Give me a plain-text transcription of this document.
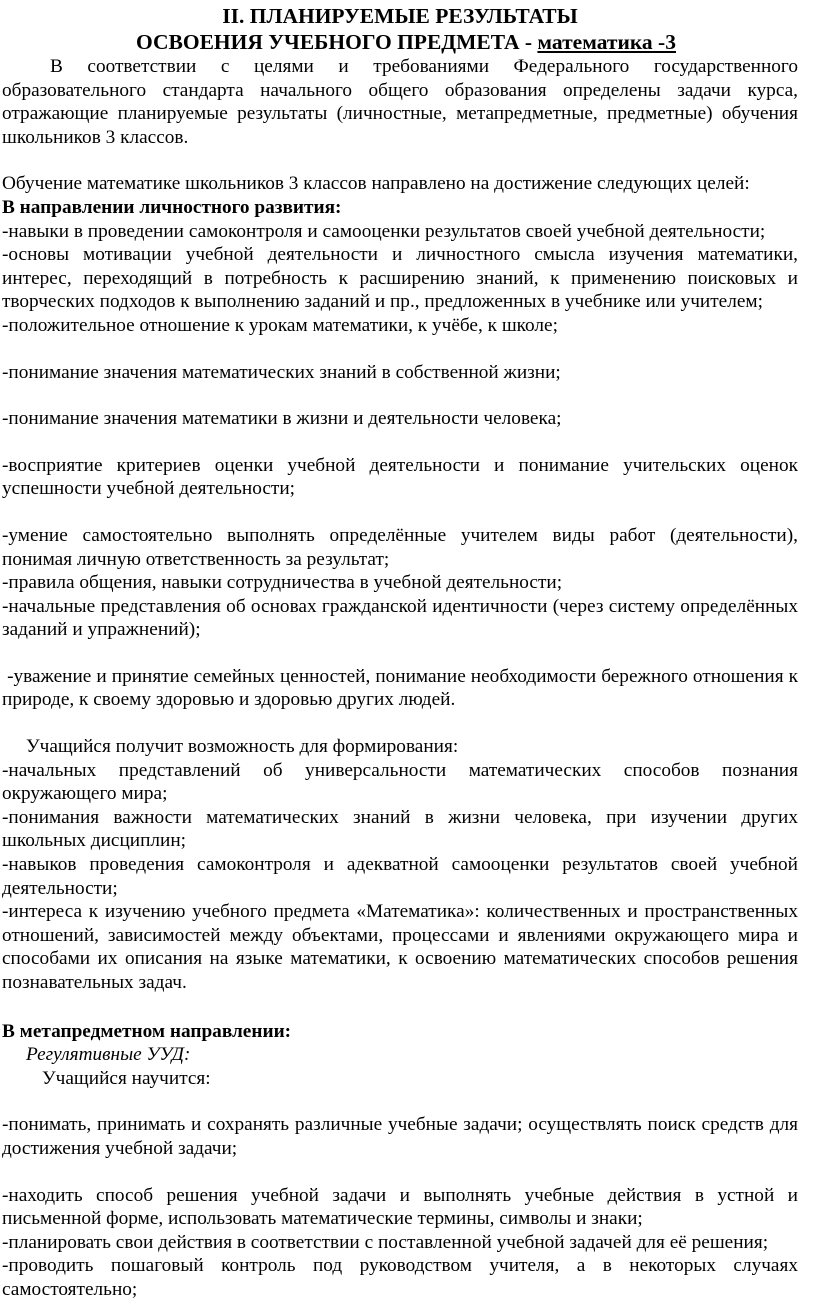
II. ПЛАНИРУЕМЫЕ РЕЗУЛЬТАТЫ
ОСВОЕНИЯ УЧЕБНОГО ПРЕДМЕТА - математика -3

В соответствии с целями и требованиями Федерального государственного образовательного стандарта начального общего образования определены задачи курса, отражающие планируемые результаты (личностные, метапредметные, предметные) обучения школьников 3 классов.

Обучение математике школьников 3 классов направлено на достижение следующих целей:

В направлении личностного развития:

-навыки в проведении самоконтроля и самооценки результатов своей учебной деятельности;

-основы мотивации учебной деятельности и личностного смысла изучения математики, интерес, переходящий в потребность к расширению знаний, к применению поисковых и творческих подходов к выполнению заданий и пр., предложенных в учебнике или учителем;

-положительное отношение к урокам математики, к учёбе, к школе;

-понимание значения математических знаний в собственной жизни;

-понимание значения математики в жизни и деятельности человека;

-восприятие критериев оценки учебной деятельности и понимание учительских оценок успешности учебной деятельности;

-умение самостоятельно выполнять определённые учителем виды работ (деятельности), понимая личную ответственность за результат;

-правила общения, навыки сотрудничества в учебной деятельности;

-начальные представления об основах гражданской идентичности (через систему определённых заданий и упражнений);

-уважение и принятие семейных ценностей, понимание необходимости бережного отношения к природе, к своему здоровью и здоровью других людей.

Учащийся получит возможность для формирования:

-начальных представлений об универсальности математических способов познания окружающего мира;

-понимания важности математических знаний в жизни человека, при изучении других школьных дисциплин;

-навыков проведения самоконтроля и адекватной самооценки результатов своей учебной деятельности;

-интереса к изучению учебного предмета «Математика»: количественных и пространственных отношений, зависимостей между объектами, процессами и явлениями окружающего мира и способами их описания на языке математики, к освоению математических способов решения познавательных задач.

В метапредметном направлении:

Регулятивные УУД:

Учащийся научится:

-понимать, принимать и сохранять различные учебные задачи; осуществлять поиск средств для достижения учебной задачи;

-находить способ решения учебной задачи и выполнять учебные действия в устной и письменной форме, использовать математические термины, символы и знаки;

-планировать свои действия в соответствии с поставленной учебной задачей для её решения;

-проводить пошаговый контроль под руководством учителя, а в некоторых случаях самостоятельно;
